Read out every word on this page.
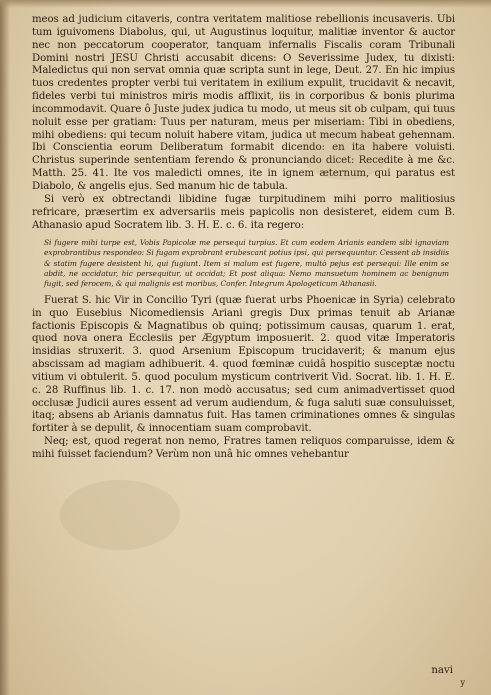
meos ad judicium citaveris, contra veritatem malitiose rebellionis incusaveris. Ubi tum iguivomens Diabolus, qui, ut Augustinus loquitur, malitiæ inventor & auctor nec non peccatorum cooperator, tanquam infernalis Fiscalis coram Tribunali Domini nostri JESU Christi accusabit dicens: O Severissime Judex, tu dixisti: Maledictus qui non servat omnia quæ scripta sunt in lege, Deut. 27. En hic impius tuos credentes propter verbi tui veritatem in exilium expulit, trucidavit & necavit, fideles verbi tui ministros miris modis afflixit, iis in corporibus & bonis plurima incommodavit. Quare ô Juste judex judica tu modo, ut meus sit ob culpam, qui tuus noluit esse per gratiam: Tuus per naturam, meus per miseriam: Tibi in obediens, mihi obediens: qui tecum noluit habere vitam, judica ut mecum habeat gehennam. Ibi Conscientia eorum Deliberatum formabit dicendo: en ita habere voluisti. Christus superinde sententiam ferendo & pronunciando dicet: Recedite à me &c. Matth. 25. 41. Ite vos maledicti omnes, ite in ignem æternum, qui paratus est Diabolo, & angelis ejus. Sed manum hic de tabula.

Si verò ex obtrectandi libidine fugæ turpitudinem mihi porro malitiosius refricare, præsertim ex adversariis meis papicolis non desisteret, eidem cum B. Athanasio apud Socratem lib. 3. H. E. c. 6. ita regero:

Si fugere mihi turpe est, Vobis Papicolæ me persequi turpius. Et cum eodem Arianis eandem sibi ignaviam exprobrantibus respondeo: Si fugam exprobrant erubescant potius ipsi, qui persequuntur. Cessent ab insidiis & statim fugere desistent hi, qui fugiunt. Item si malum est fugere, multò pejus est persequi: Ille enim se abdit, ne occidatur, hic persequitur, ut occidat; Et post aliqua: Nemo mansuetum hominem ac benignum fugit, sed ferocem, & qui malignis est moribus, Confer. Integrum Apologeticum Athanasii.

Fuerat S. hic Vir in Concilio Tyri (quæ fuerat urbs Phoenicæ in Syria) celebrato in quo Eusebius Nicomediensis Ariani gregis Dux primas tenuit ab Arianæ factionis Episcopis & Magnatibus ob quinq; potissimum causas, quarum 1. erat, quod nova onera Ecclesiis per Ægyptum imposuerit. 2. quod vitæ Imperatoris insidias struxerit. 3. quod Arsenium Episcopum trucidaverit; & manum ejus abscissam ad magiam adhibuerit. 4. quod fœminæ cuidâ hospitio susceptæ noctu vitium vi obtulerit. 5. quod poculum mysticum contriverit Vid. Socrat. lib. 1. H. E. c. 28 Ruffinus lib. 1. c. 17. non modò accusatus; sed cum animadvertisset quod occlusæ Judicii aures essent ad verum audiendum, & fuga saluti suæ consuluisset, itaq; absens ab Arianis damnatus fuit. Has tamen criminationes omnes & singulas fortiter à se depulit, & innocentiam suam comprobavit.

Neq; est, quod regerat non nemo, Fratres tamen reliquos comparuisse, idem & mihi fuisset faciendum? Verùm non unâ hic omnes vehebantur

navi
y
